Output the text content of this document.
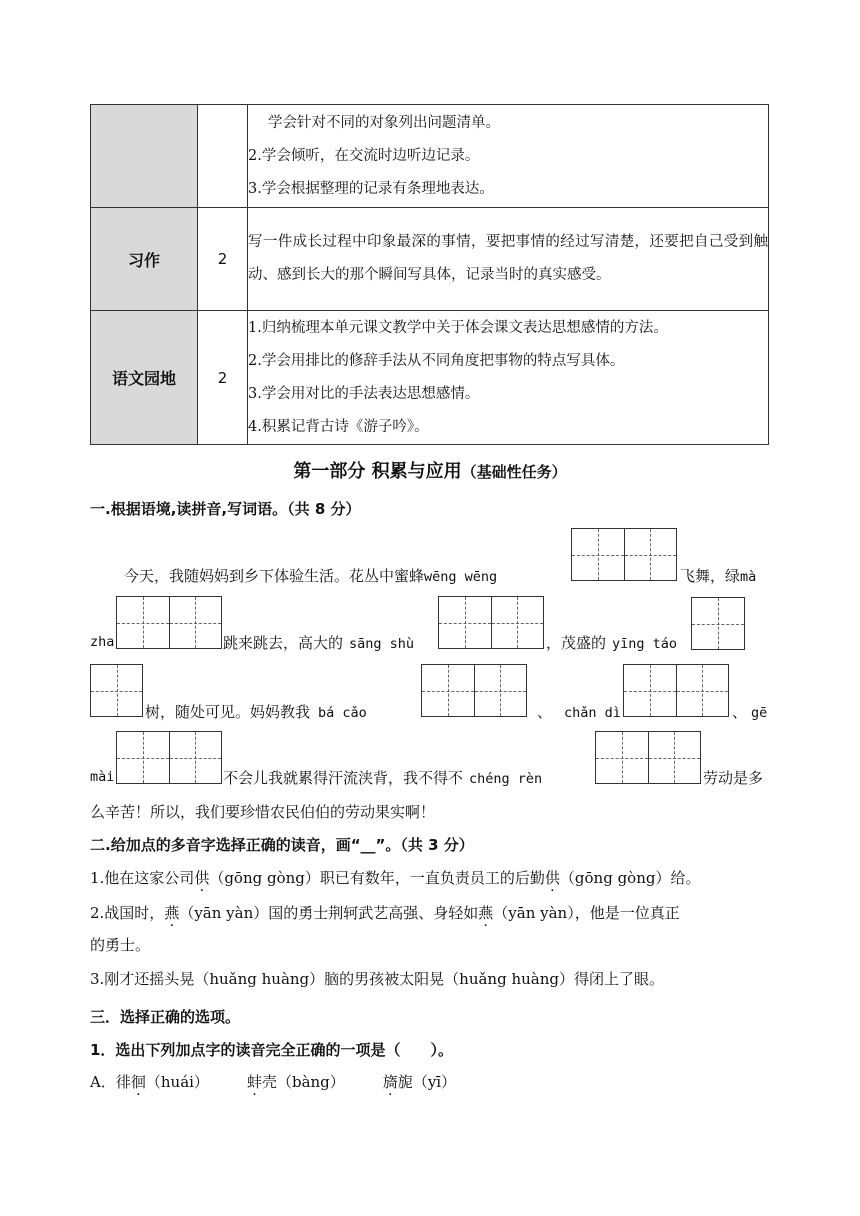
		学会针对不同的对象列出问题清单。
2.学会倾听，在交流时边听边记录。
3.学会根据整理的记录有条理地表达。

习作	2	写一件成长过程中印象最深的事情，要把事情的经过写清楚，还要把自己受到触动、感到长大的那个瞬间写具体，记录当时的真实感受。

语文园地	2	1.归纳梳理本单元课文教学中关于体会课文表达思想感情的方法。
2.学会用排比的修辞手法从不同角度把事物的特点写具体。
3.学会用对比的手法表达思想感情。
4.积累记背古诗《游子吟》。
第一部分 积累与应用（基础性任务）
一.根据语境,读拼音,写词语。（共 8 分）
今天，我随妈妈到乡下体验生活。花丛中蜜蜂wēng wēng	飞舞，绿mà
zha	跳来跳去，高大的 sāng shù	，茂盛的 yīng táo
树，随处可见。妈妈教我 bá cǎo	、 chǎn dì	、 gē
mài	不会儿我就累得汗流浃背，我不得不 chéng rèn	劳动是多
么辛苦！所以，我们要珍惜农民伯伯的劳动果实啊！
二.给加点的多音字选择正确的读音，画“__”。（共 3 分）
1.他在这家公司供（gōng gòng）职已有数年，一直负责员工的后勤供（gōng gòng）给。
2.战国时，燕（yān yàn）国的勇士荆轲武艺高强、身轻如燕（yān yàn），他是一位真正
的勇士。
3.刚才还摇头晃（huǎng huàng）脑的男孩被太阳晃（huǎng huàng）得闭上了眼。
三．选择正确的选项。
1．选出下列加点字的读音完全正确的一项是（　　）。
A．徘徊（huái）	蚌壳（bàng）	旖旎（yī）
